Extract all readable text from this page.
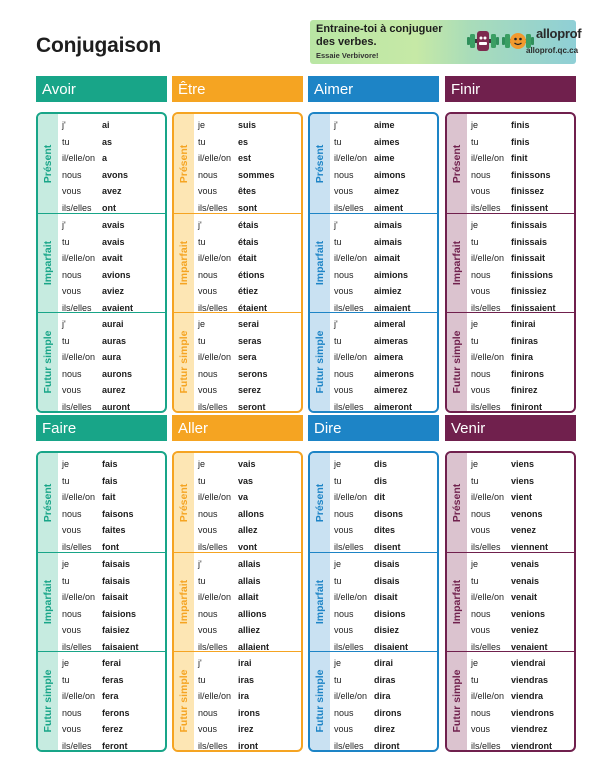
Conjugaison
Entraine-toi à conjuguer
des verbes.
Essaie Verbivore!
alloprof
alloprof.qc.ca
Avoir
Présent
j'	ai
tu	as
il/elle/on a
nous	avons
vous	avez
ils/elles	ont
Imparfait
j'	avais
tu	avais
il/elle/on avait
nous	avions
vous	aviez
ils/elles	avaient
Futur simple
j'	aurai
tu	auras
il/elle/on aura
nous	aurons
vous	aurez
ils/elles	auront
Être
Présent
je	suis
tu	es
il/elle/on est
nous	sommes
vous	êtes
ils/elles	sont
Imparfait
j'	étais
tu	étais
il/elle/on était
nous	étions
vous	étiez
ils/elles	étaient
Futur simple
je	serai
tu	seras
il/elle/on sera
nous	serons
vous	serez
ils/elles	seront
Aimer
Présent
j'	aime
tu	aimes
il/elle/on aime
nous	aimons
vous	aimez
ils/elles	aiment
Imparfait
j'	aimais
tu	aimais
il/elle/on aimait
nous	aimions
vous	aimiez
ils/elles	aimaient
Futur simple
j'	aimeral
tu	aimeras
il/elle/on aimera
nous	aimerons
vous	aimerez
ils/elles	aimeront
Finir
Présent
je	finis
tu	finis
il/elle/on finit
nous	finissons
vous	finissez
ils/elles	finissent
Imparfait
je	finissais
tu	finissais
il/elle/on finissait
nous	finissions
vous	finissiez
ils/elles	finissaient
Futur simple
je	finirai
tu	finiras
il/elle/on finira
nous	finirons
vous	finirez
ils/elles	finiront
Faire
Présent
je	fais
tu	fais
il/elle/on fait
nous	faisons
vous	faites
ils/elles	font
Imparfait
je	faisais
tu	faisais
il/elle/on faisait
nous	faisions
vous	faisiez
ils/elles	faisaient
Futur simple
je	ferai
tu	feras
il/elle/on fera
nous	ferons
vous	ferez
ils/elles	feront
Aller
Présent
je	vais
tu	vas
il/elle/on va
nous	allons
vous	allez
ils/elles	vont
Imparfait
j'	allais
tu	allais
il/elle/on allait
nous	allions
vous	alliez
ils/elles	allaient
Futur simple
j'	irai
tu	iras
il/elle/on ira
nous	irons
vous	irez
ils/elles	iront
Dire
Présent
je	dis
tu	dis
il/elle/on dit
nous	disons
vous	dites
ils/elles	disent
Imparfait
je	disais
tu	disais
il/elle/on disait
nous	disions
vous	disiez
ils/elles	disaient
Futur simple
je	dirai
tu	diras
il/elle/on dira
nous	dirons
vous	direz
ils/elles	diront
Venir
Présent
je	viens
tu	viens
il/elle/on vient
nous	venons
vous	venez
ils/elles	viennent
Imparfait
je	venais
tu	venais
il/elle/on venait
nous	venions
vous	veniez
ils/elles	venaient
Futur simple
je	viendrai
tu	viendras
il/elle/on viendra
nous	viendrons
vous	viendrez
ils/elles	viendront
